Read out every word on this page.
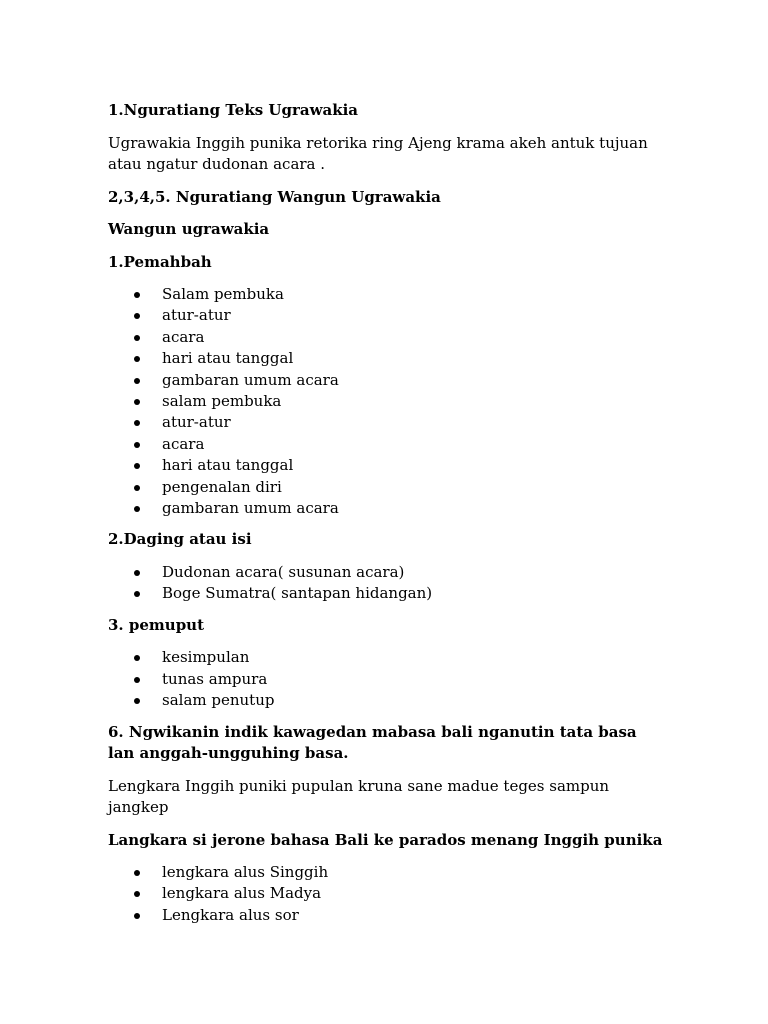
1.Nguratiang Teks Ugrawakia

Ugrawakia Inggih punika retorika ring Ajeng krama akeh antuk tujuan atau ngatur dudonan acara .

2,3,4,5. Nguratiang Wangun Ugrawakia

Wangun ugrawakia

1.Pemahbah

Salam pembuka
atur-atur
acara
hari atau tanggal
gambaran umum acara
salam pembuka
atur-atur
acara
hari atau tanggal
pengenalan diri
gambaran umum acara

2.Daging atau isi

Dudonan acara( susunan acara)
Boge Sumatra( santapan hidangan)

3. pemuput

kesimpulan
tunas ampura
salam penutup

6. Ngwikanin indik kawagedan mabasa bali nganutin tata basa lan anggah-ungguhing basa.

Lengkara Inggih puniki pupulan kruna sane madue teges sampun jangkep

Langkara si jerone bahasa Bali ke parados menang Inggih punika

lengkara alus Singgih
lengkara alus Madya
Lengkara alus sor
